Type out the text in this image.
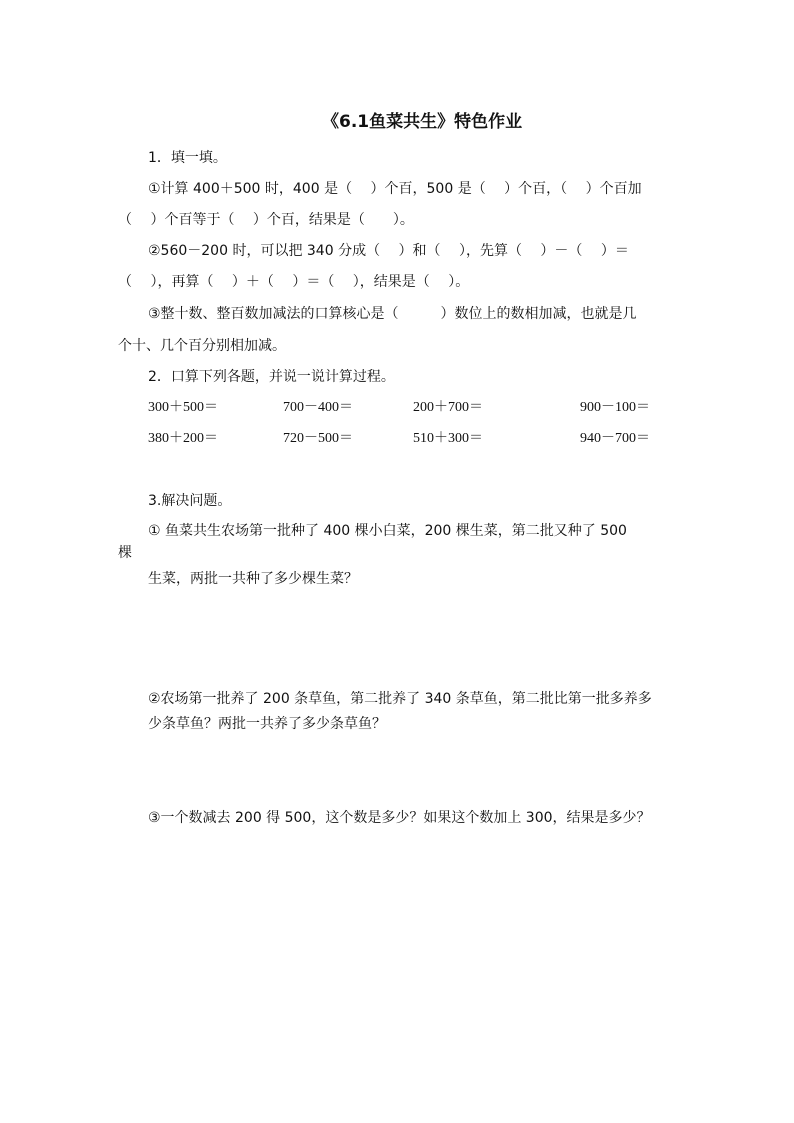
《6.1鱼菜共生》特色作业
1．填一填。
①计算 400＋500 时，400 是（　 ）个百，500 是（　 ）个百，（　 ）个百加
（　 ）个百等于（　 ）个百，结果是（　　）。
②560－200 时，可以把 340 分成（　 ）和（　 ），先算（　 ）－（　 ）＝
（　 ），再算（　 ）＋（　 ）＝（　 ），结果是（　 ）。
③整十数、整百数加减法的口算核心是（　　　）数位上的数相加减，也就是几
个十、几个百分别相加减。
2．口算下列各题，并说一说计算过程。
300＋500＝	700－400＝	200＋700＝	900－100＝
380＋200＝	720－500＝	510＋300＝	940－700＝
3.解决问题。
① 鱼菜共生农场第一批种了 400 棵小白菜，200 棵生菜，第二批又种了 500
棵
生菜，两批一共种了多少棵生菜？
②农场第一批养了 200 条草鱼，第二批养了 340 条草鱼，第二批比第一批多养多
少条草鱼？两批一共养了多少条草鱼？
③一个数减去 200 得 500，这个数是多少？如果这个数加上 300，结果是多少？
